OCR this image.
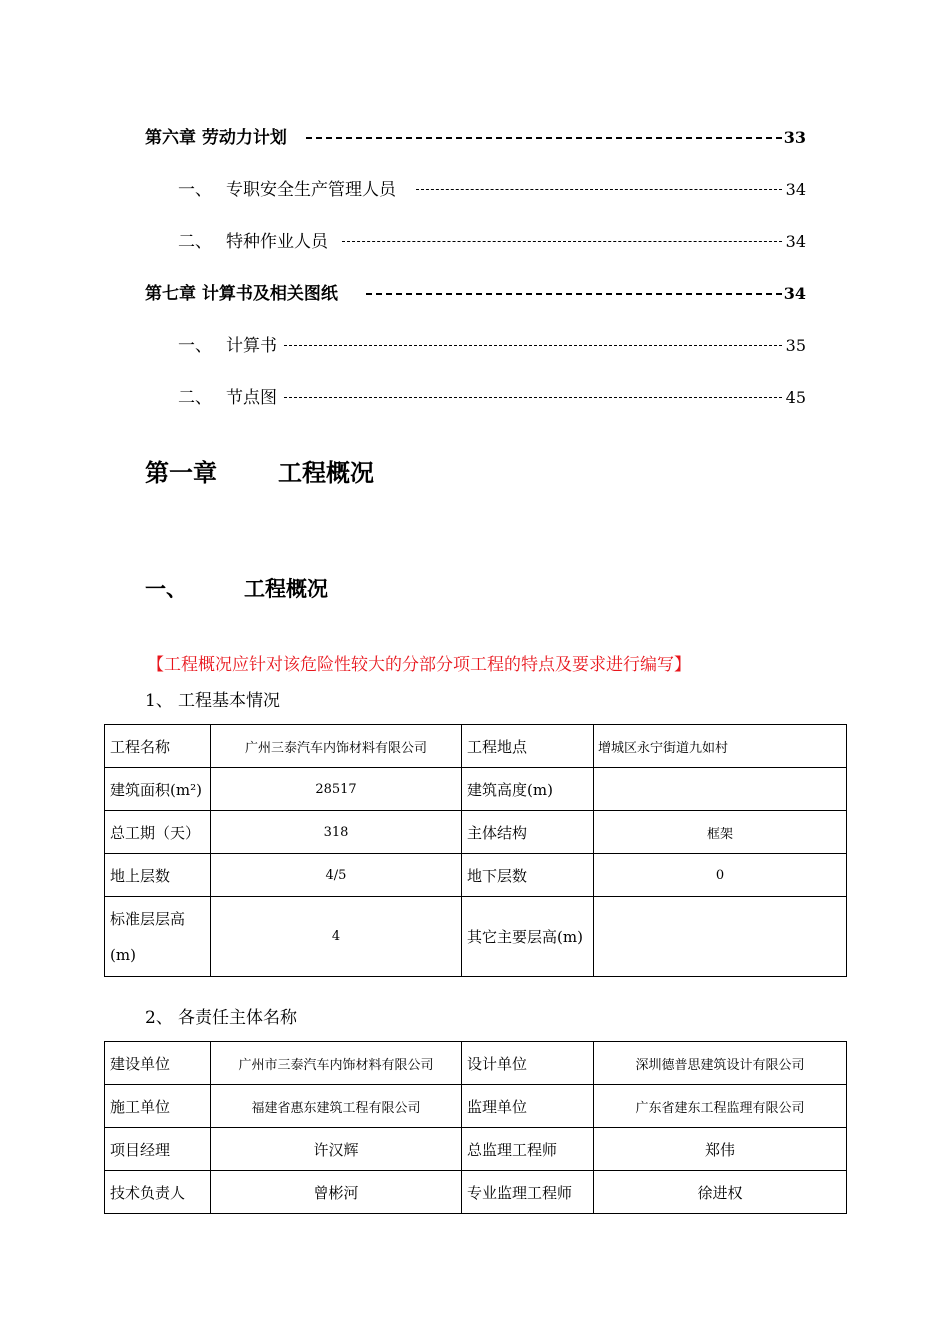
第六章 劳动力计划	33
一、 专职安全生产管理人员	34
二、 特种作业人员	34
第七章 计算书及相关图纸	34
一、 计算书	35
二、 节点图	45
第一章	工程概况
一、	工程概况
【工程概况应针对该危险性较大的分部分项工程的特点及要求进行编写】
1、 工程基本情况
工程名称	广州三泰汽车内饰材料有限公司	工程地点	增城区永宁街道九如村
建筑面积(m²)	28517	建筑高度(m)	
总工期（天）	318	主体结构	框架
地上层数	4/5	地下层数	0

标准层层高
(m)	4	其它主要层高(m)	
2、 各责任主体名称
建设单位	广州市三泰汽车内饰材料有限公司	设计单位	深圳德普思建筑设计有限公司
施工单位	福建省惠东建筑工程有限公司	监理单位	广东省建东工程监理有限公司
项目经理	许汉辉	总监理工程师	郑伟
技术负责人	曾彬河	专业监理工程师	徐进权
